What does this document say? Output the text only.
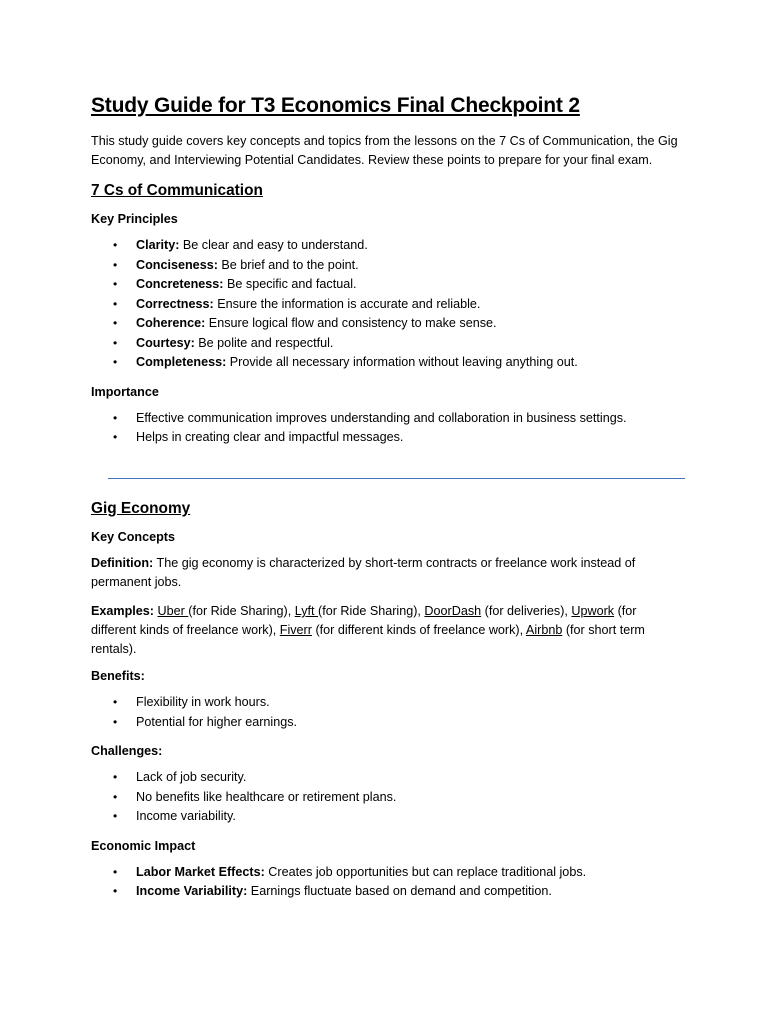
Study Guide for T3 Economics Final Checkpoint 2

This study guide covers key concepts and topics from the lessons on the 7 Cs of Communication, the Gig Economy, and Interviewing Potential Candidates. Review these points to prepare for your final exam.

7 Cs of Communication

Key Principles

• Clarity: Be clear and easy to understand.
• Conciseness: Be brief and to the point.
• Concreteness: Be specific and factual.
• Correctness: Ensure the information is accurate and reliable.
• Coherence: Ensure logical flow and consistency to make sense.
• Courtesy: Be polite and respectful.
• Completeness: Provide all necessary information without leaving anything out.

Importance

• Effective communication improves understanding and collaboration in business settings.
• Helps in creating clear and impactful messages.
Gig Economy

Key Concepts

Definition: The gig economy is characterized by short-term contracts or freelance work instead of permanent jobs.

Examples: Uber (for Ride Sharing), Lyft (for Ride Sharing), DoorDash (for deliveries), Upwork (for different kinds of freelance work), Fiverr (for different kinds of freelance work), Airbnb (for short term rentals).

Benefits:

• Flexibility in work hours.
• Potential for higher earnings.

Challenges:

• Lack of job security.
• No benefits like healthcare or retirement plans.
• Income variability.

Economic Impact

• Labor Market Effects: Creates job opportunities but can replace traditional jobs.
• Income Variability: Earnings fluctuate based on demand and competition.
